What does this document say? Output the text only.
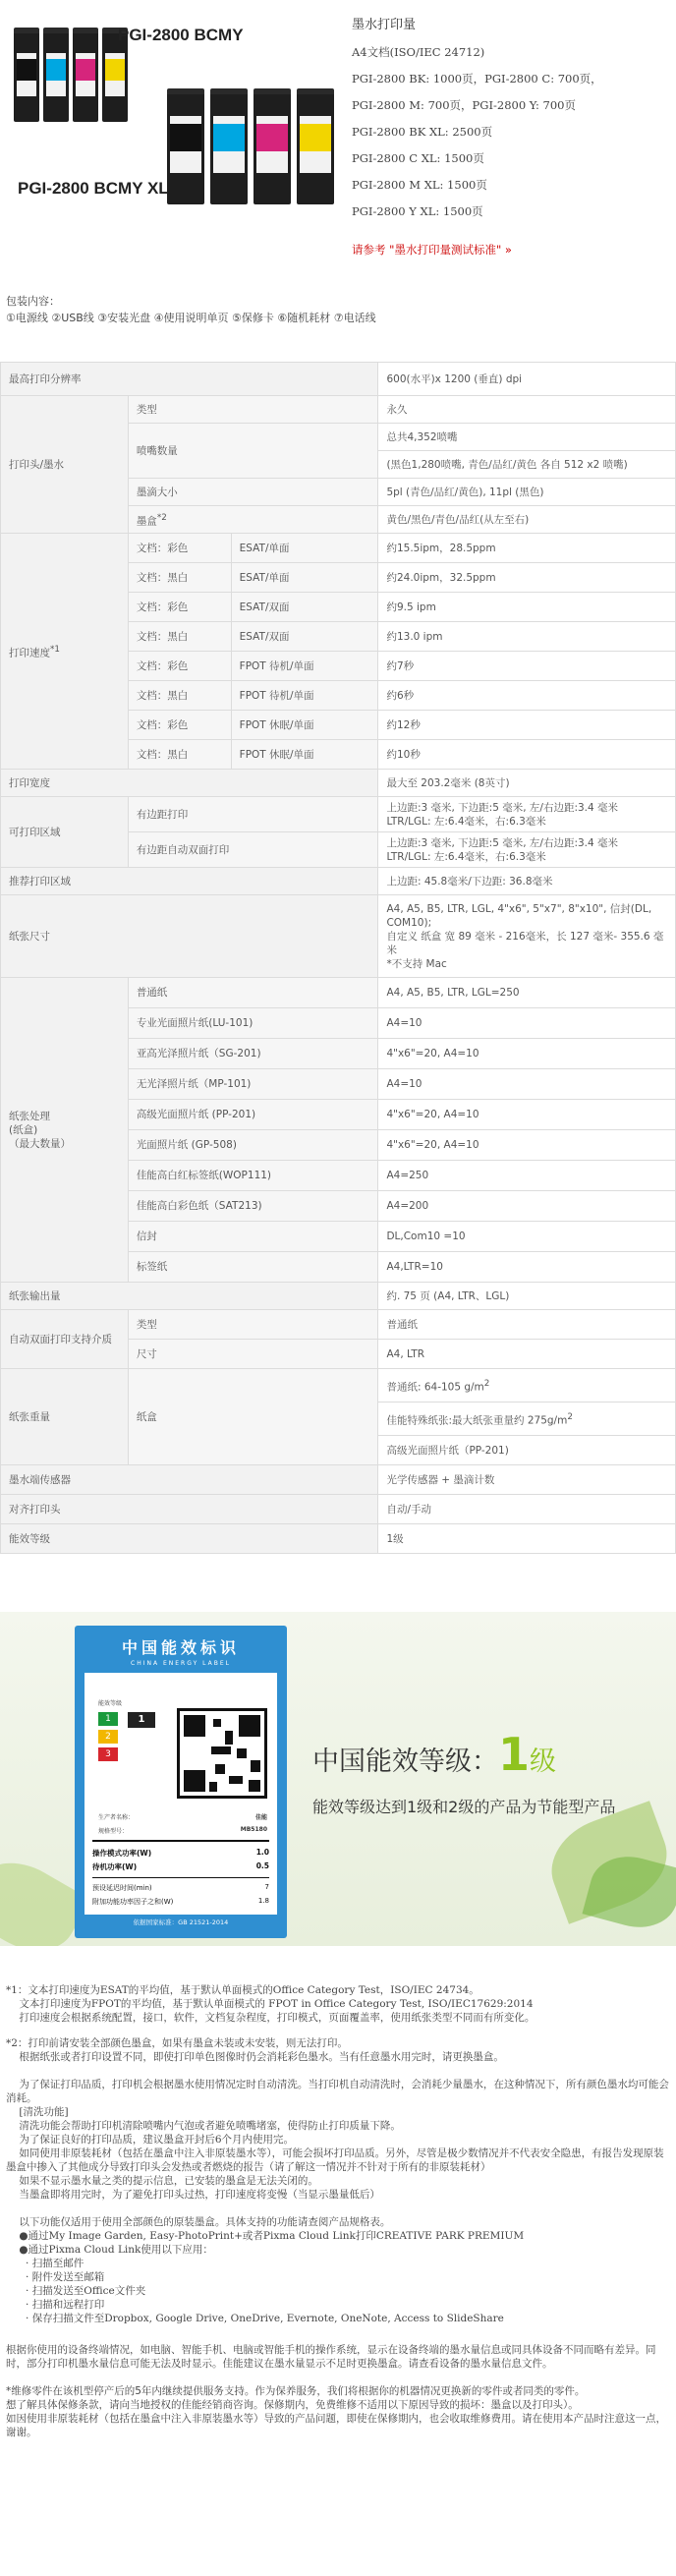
PGI-2800 BCMY
PGI-2800 BCMY XL
墨水打印量
A4文档(ISO/IEC 24712)
PGI-2800 BK: 1000页，PGI-2800 C: 700页，
PGI-2800 M: 700页，PGI-2800 Y: 700页
PGI-2800 BK XL: 2500页
PGI-2800 C XL: 1500页
PGI-2800 M XL: 1500页
PGI-2800 Y XL: 1500页
请参考 "墨水打印量测试标准" »
包装内容：
①电源线 ②USB线 ③安装光盘 ④使用说明单页 ⑤保修卡 ⑥随机耗材 ⑦电话线
最高打印分辨率			600(水平)x 1200 (垂直) dpi
打印头/墨水	类型		永久
	喷嘴数量		总共4,352喷嘴
			(黑色1,280喷嘴, 青色/品红/黄色 各自 512 x2 喷嘴)
	墨滴大小		5pl (青色/品红/黄色), 11pl (黑色)
	墨盒$^{*2}$		黄色/黑色/青色/品红(从左至右)
打印速度$^{*1}$	文档：彩色	ESAT/单面	约15.5ipm，28.5ppm
	文档：黑白	ESAT/单面	约24.0ipm，32.5ppm
	文档：彩色	ESAT/双面	约9.5 ipm
	文档：黑白	ESAT/双面	约13.0 ipm
	文档：彩色	FPOT 待机/单面	约7秒
	文档：黑白	FPOT 待机/单面	约6秒
	文档：彩色	FPOT 休眠/单面	约12秒
	文档：黑白	FPOT 休眠/单面	约10秒
打印宽度			最大至 203.2毫米 (8英寸)
可打印区域	有边距打印		上边距:3 毫米, 下边距:5 毫米, 左/右边距:3.4 毫米
LTR/LGL: 左:6.4毫米，右:6.3毫米

	有边距自动双面打印		上边距:3 毫米, 下边距:5 毫米, 左/右边距:3.4 毫米
LTR/LGL: 左:6.4毫米，右:6.3毫米

推荐打印区域			上边距: 45.8毫米/下边距: 36.8毫米
纸张尺寸			A4, A5, B5, LTR, LGL, 4"x6", 5"x7", 8"x10", 信封(DL, COM10);
自定义 纸盒 宽 89 毫米 - 216毫米，长 127 毫米- 355.6 毫米
*不支持 Mac

纸张处理
(纸盒)
（最大数量）	普通纸		A4, A5, B5, LTR, LGL=250
	专业光面照片纸(LU-101)		A4=10
	亚高光泽照片纸（SG-201)		4"x6"=20, A4=10
	无光泽照片纸（MP-101)		A4=10
	高级光面照片纸 (PP-201)		4"x6"=20, A4=10
	光面照片纸 (GP-508)		4"x6"=20, A4=10
	佳能高白红标签纸(WOP111)		A4=250
	佳能高白彩色纸（SAT213)		A4=200
	信封		DL,Com10 =10
	标签纸		A4,LTR=10
纸张输出量			约. 75 页 (A4, LTR、LGL)
自动双面打印支持介质	类型		普通纸
	尺寸		A4, LTR
纸张重量	纸盒		普通纸: 64-105 $g/m^2$
			佳能特殊纸张:最大纸张重量约 $275g/m^2$
			高级光面照片纸（PP-201)
墨水端传感器			光学传感器 + 墨滴计数
对齐打印头			自动/手动
能效等级			1级
中国能效标识
CHINA ENERGY LABEL
能效等级
1
2
3
1
生产者名称：	佳能
规格型号：	MB5180
操作模式功率(W)	1.0
待机功率(W)	0.5
预设延迟时间(min)	7
附加功能功率因子之和(W)	1.8
依据国家标准：GB 21521-2014
中国能效等级：1级
能效等级达到1级和2级的产品为节能型产品

*1：文本打印速度为ESAT的平均值，基于默认单面模式的Office Category Test，ISO/IEC 24734。
文本打印速度为FPOT的平均值，基于默认单面模式的 FPOT in Office Category Test, ISO/IEC17629:2014
打印速度会根据系统配置，接口，软件，文档复杂程度，打印模式，页面覆盖率，使用纸张类型不同而有所变化。

*2：打印前请安装全部颜色墨盒，如果有墨盒未装或未安装，则无法打印。
根据纸张或者打印设置不同，即使打印单色图像时仍会消耗彩色墨水。当有任意墨水用完时，请更换墨盒。

为了保证打印品质，打印机会根据墨水使用情况定时自动清洗。当打印机自动清洗时，会消耗少量墨水，在这种情况下，所有颜色墨水均可能会消耗。
[清洗功能]
清洗功能会帮助打印机清除喷嘴内气泡或者避免喷嘴堵塞，使得防止打印质量下降。
为了保证良好的打印品质，建议墨盒开封后6个月内使用完。
如同使用非原装耗材（包括在墨盒中注入非原装墨水等），可能会损坏打印品质。另外，尽管是极少数情况并不代表安全隐患，有报告发现原装墨盒中掺入了其他成分导致打印头会发热或者燃烧的报告（请了解这一情况并不针对于所有的非原装耗材）
如果不显示墨水量之类的提示信息，已安装的墨盒是无法关闭的。
当墨盒即将用完时，为了避免打印头过热，打印速度将变慢（当显示墨量低后）

以下功能仅适用于使用全部颜色的原装墨盒。具体支持的功能请查阅产品规格表。
●通过My Image Garden, Easy-PhotoPrint+或者Pixma Cloud Link打印CREATIVE PARK PREMIUM
●通过Pixma Cloud Link使用以下应用：
· 扫描至邮件
· 附件发送至邮箱
· 扫描发送至Office文件夹
· 扫描和远程打印
· 保存扫描文件至Dropbox, Google Drive, OneDrive, Evernote, OneNote, Access to SlideShare

根据你使用的设备终端情况，如电脑、智能手机、电脑或智能手机的操作系统，显示在设备终端的墨水量信息或同具体设备不同而略有差异。同时，部分打印机墨水量信息可能无法及时显示。佳能建议在墨水量显示不足时更换墨盒。请查看设备的墨水量信息文件。

*维修零件在该机型停产后的5年内继续提供服务支持。作为保养服务，我们将根据你的机器情况更换新的零件或者同类的零件。
想了解具体保修条款，请向当地授权的佳能经销商咨询。保修期内，免费维修不适用以下原因导致的损坏：墨盒以及打印头）。
如因使用非原装耗材（包括在墨盒中注入非原装墨水等）导致的产品问题，即使在保修期内，也会收取维修费用。请在使用本产品时注意这一点，谢谢。
